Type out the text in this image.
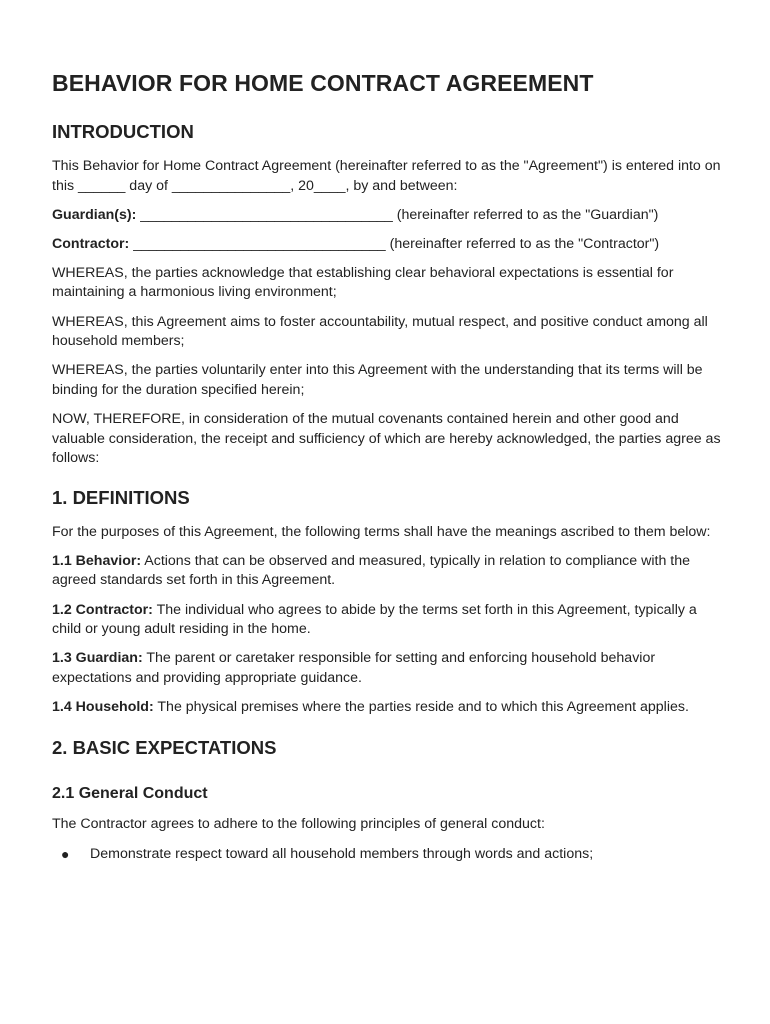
BEHAVIOR FOR HOME CONTRACT AGREEMENT
INTRODUCTION

This Behavior for Home Contract Agreement (hereinafter referred to as the "Agreement") is entered into on this ______ day of _______________, 20____, by and between:

Guardian(s): ________________________________ (hereinafter referred to as the "Guardian")

Contractor: ________________________________ (hereinafter referred to as the "Contractor")

WHEREAS, the parties acknowledge that establishing clear behavioral expectations is essential for maintaining a harmonious living environment;

WHEREAS, this Agreement aims to foster accountability, mutual respect, and positive conduct among all household members;

WHEREAS, the parties voluntarily enter into this Agreement with the understanding that its terms will be binding for the duration specified herein;

NOW, THEREFORE, in consideration of the mutual covenants contained herein and other good and valuable consideration, the receipt and sufficiency of which are hereby acknowledged, the parties agree as follows:

1. DEFINITIONS

For the purposes of this Agreement, the following terms shall have the meanings ascribed to them below:

1.1 Behavior: Actions that can be observed and measured, typically in relation to compliance with the agreed standards set forth in this Agreement.

1.2 Contractor: The individual who agrees to abide by the terms set forth in this Agreement, typically a child or young adult residing in the home.

1.3 Guardian: The parent or caretaker responsible for setting and enforcing household behavior expectations and providing appropriate guidance.

1.4 Household: The physical premises where the parties reside and to which this Agreement applies.

2. BASIC EXPECTATIONS
2.1 General Conduct

The Contractor agrees to adhere to the following principles of general conduct:

● Demonstrate respect toward all household members through words and actions;
